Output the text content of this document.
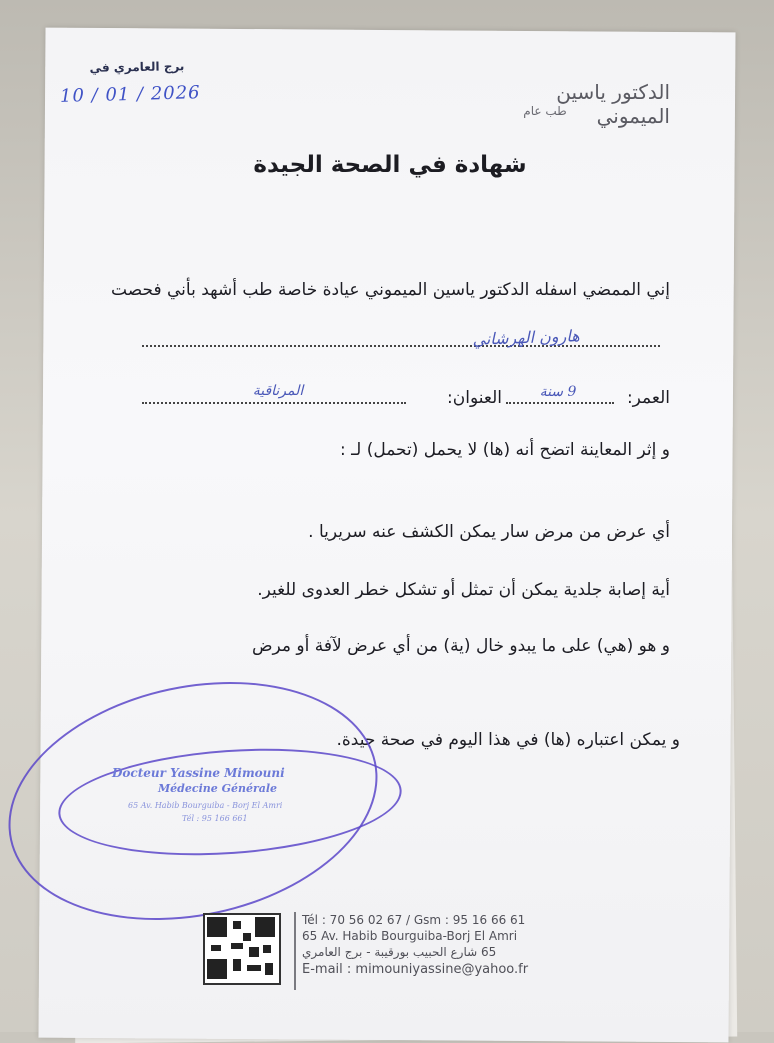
برج العامري في
10 / 01 / 2026	الدكتور ياسين الميموني
طب عام
شهادة في الصحة الجيدة
إني الممضي اسفله الدكتور ياسين الميموني عيادة خاصة طب أشهد بأني فحصت
هارون الهرشاني
العمر:
9 سنة
العنوان:
المرناقية
و إثر المعاينة اتضح أنه (ها) لا يحمل (تحمل) لـ :
أي عرض من مرض سار يمكن الكشف عنه سريريا .
أية إصابة جلدية يمكن أن تمثل أو تشكل خطر العدوى للغير.
و هو (هي) على ما يبدو خال (ية) من أي عرض لآفة أو مرض
و يمكن اعتباره (ها) في هذا اليوم في صحة جيدة.
Docteur Yassine Mimouni
Médecine Générale
65 Av. Habib Bourguiba - Borj El Amri
Tél : 95 166 661
Tél : 70 56 02 67 / Gsm : 95 16 66 61
65 Av. Habib Bourguiba-Borj El Amri
65 شارع الحبيب بورقيبة - برج العامري
E-mail : mimouniyassine@yahoo.fr
